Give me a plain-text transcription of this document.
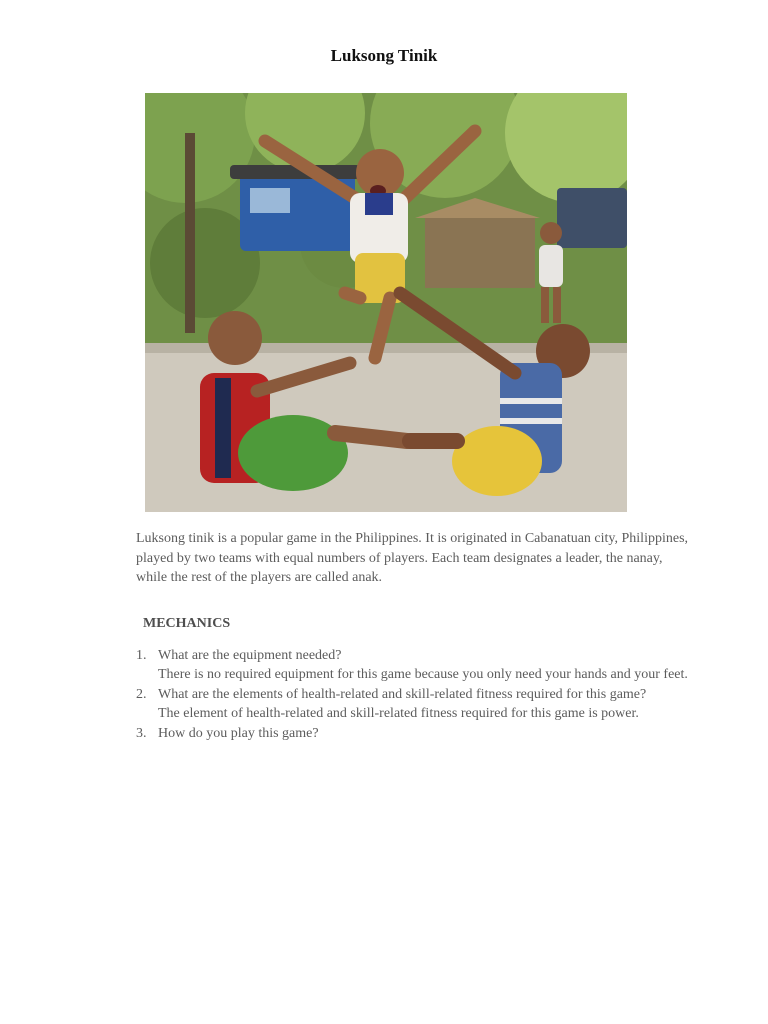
Luksong Tinik

Luksong tinik is a popular game in the Philippines. It is originated in Cabanatuan city, Philippines, played by two teams with equal numbers of players. Each team designates a leader, the nanay, while the rest of the players are called anak.

MECHANICS
1. What are the equipment needed?
There is no required equipment for this game because you only need your hands and your feet.
2. What are the elements of health-related and skill-related fitness required for this game?
The element of health-related and skill-related fitness required for this game is power.
3. How do you play this game?
